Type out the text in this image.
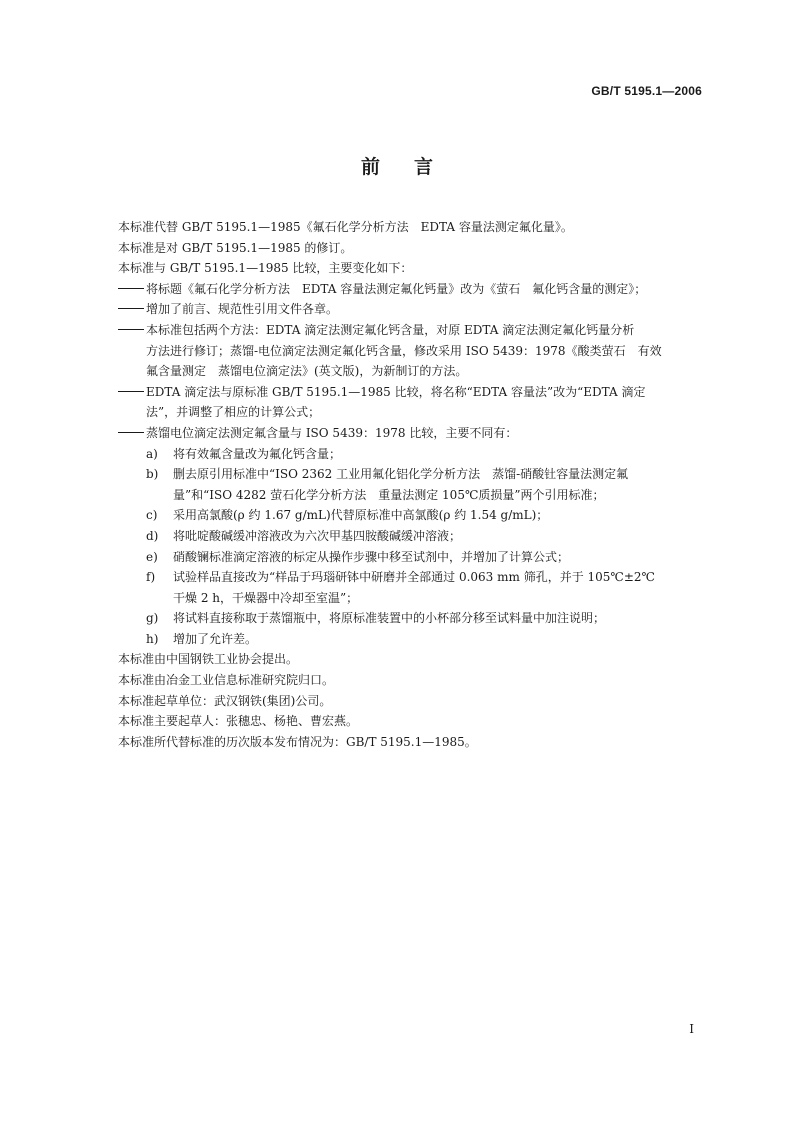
GB/T 5195.1—2006
前言

本标准代替 GB/T 5195.1—1985《氟石化学分析方法　EDTA 容量法测定氟化量》。

本标准是对 GB/T 5195.1—1985 的修订。

本标准与 GB/T 5195.1—1985 比较，主要变化如下：

将标题《氟石化学分析方法　EDTA 容量法测定氟化钙量》改为《萤石　氟化钙含量的测定》；
增加了前言、规范性引用文件各章。
本标准包括两个方法：EDTA 滴定法测定氟化钙含量，对原 EDTA 滴定法测定氟化钙量分析
方法进行修订；蒸馏-电位滴定法测定氟化钙含量，修改采用 ISO 5439：1978《酸类萤石　有效
氟含量测定　蒸馏电位滴定法》(英文版)，为新制订的方法。
EDTA 滴定法与原标准 GB/T 5195.1—1985 比较，将名称“EDTA 容量法”改为“EDTA 滴定
法”，并调整了相应的计算公式；
蒸馏电位滴定法测定氟含量与 ISO 5439：1978 比较，主要不同有：
a)	将有效氟含量改为氟化钙含量；
b)	删去原引用标准中“ISO 2362 工业用氟化铝化学分析方法　蒸馏-硝酸钍容量法测定氟
量”和“ISO 4282 萤石化学分析方法　重量法测定 105℃质损量”两个引用标准；
c)	采用高氯酸(ρ 约 1.67 g/mL)代替原标准中高氯酸(ρ 约 1.54 g/mL)；
d)	将吡啶酸碱缓冲溶液改为六次甲基四胺酸碱缓冲溶液；
e)	硝酸镧标准滴定溶液的标定从操作步骤中移至试剂中，并增加了计算公式；
f)	试验样品直接改为“样品于玛瑙研钵中研磨并全部通过 0.063 mm 筛孔，并于 105℃±2℃
干燥 2 h，干燥器中冷却至室温”；
g)	将试料直接称取于蒸馏瓶中，将原标准装置中的小杯部分移至试料量中加注说明；
h)	增加了允许差。

本标准由中国钢铁工业协会提出。

本标准由冶金工业信息标准研究院归口。

本标准起草单位：武汉钢铁(集团)公司。

本标准主要起草人：张穗忠、杨艳、曹宏燕。

本标准所代替标准的历次版本发布情况为：GB/T 5195.1—1985。

I
